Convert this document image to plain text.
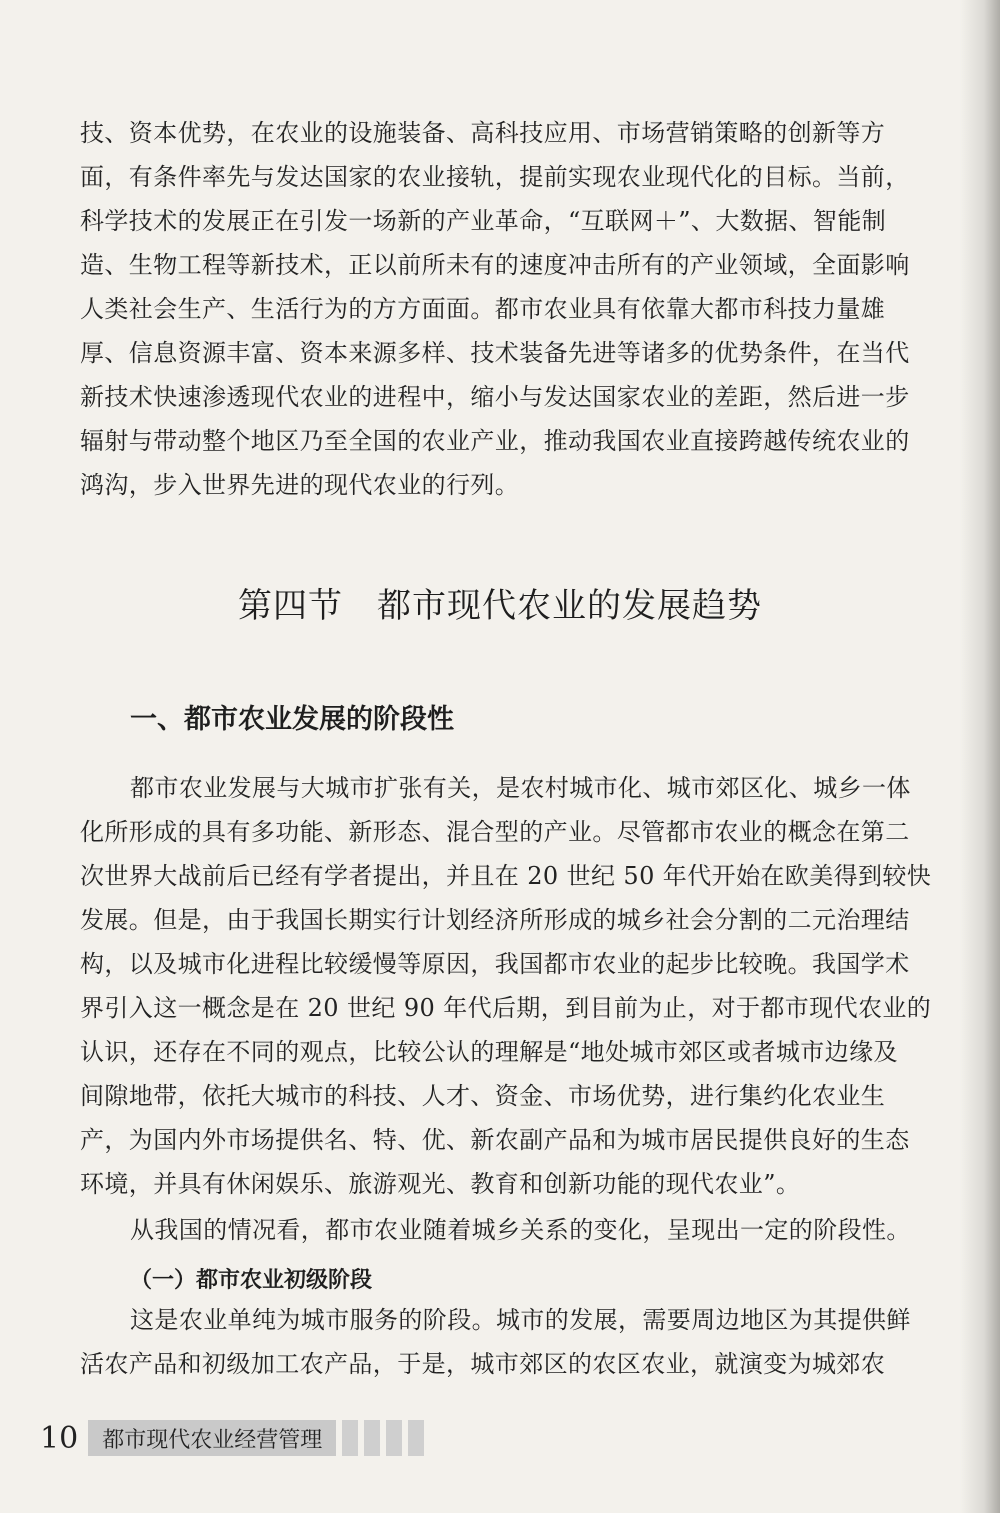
技、资本优势，在农业的设施装备、高科技应用、市场营销策略的创新等方
面，有条件率先与发达国家的农业接轨，提前实现农业现代化的目标。当前，
科学技术的发展正在引发一场新的产业革命，“互联网＋”、大数据、智能制
造、生物工程等新技术，正以前所未有的速度冲击所有的产业领域，全面影响
人类社会生产、生活行为的方方面面。都市农业具有依靠大都市科技力量雄
厚、信息资源丰富、资本来源多样、技术装备先进等诸多的优势条件，在当代
新技术快速渗透现代农业的进程中，缩小与发达国家农业的差距，然后进一步
辐射与带动整个地区乃至全国的农业产业，推动我国农业直接跨越传统农业的
鸿沟，步入世界先进的现代农业的行列。
第四节 都市现代农业的发展趋势
一、都市农业发展的阶段性
都市农业发展与大城市扩张有关，是农村城市化、城市郊区化、城乡一体
化所形成的具有多功能、新形态、混合型的产业。尽管都市农业的概念在第二
次世界大战前后已经有学者提出，并且在 20 世纪 50 年代开始在欧美得到较快
发展。但是，由于我国长期实行计划经济所形成的城乡社会分割的二元治理结
构，以及城市化进程比较缓慢等原因，我国都市农业的起步比较晚。我国学术
界引入这一概念是在 20 世纪 90 年代后期，到目前为止，对于都市现代农业的
认识，还存在不同的观点，比较公认的理解是“地处城市郊区或者城市边缘及
间隙地带，依托大城市的科技、人才、资金、市场优势，进行集约化农业生
产，为国内外市场提供名、特、优、新农副产品和为城市居民提供良好的生态
环境，并具有休闲娱乐、旅游观光、教育和创新功能的现代农业”。
从我国的情况看，都市农业随着城乡关系的变化，呈现出一定的阶段性。
（一）都市农业初级阶段
这是农业单纯为城市服务的阶段。城市的发展，需要周边地区为其提供鲜
活农产品和初级加工农产品，于是，城市郊区的农区农业，就演变为城郊农
10	都市现代农业经营管理
